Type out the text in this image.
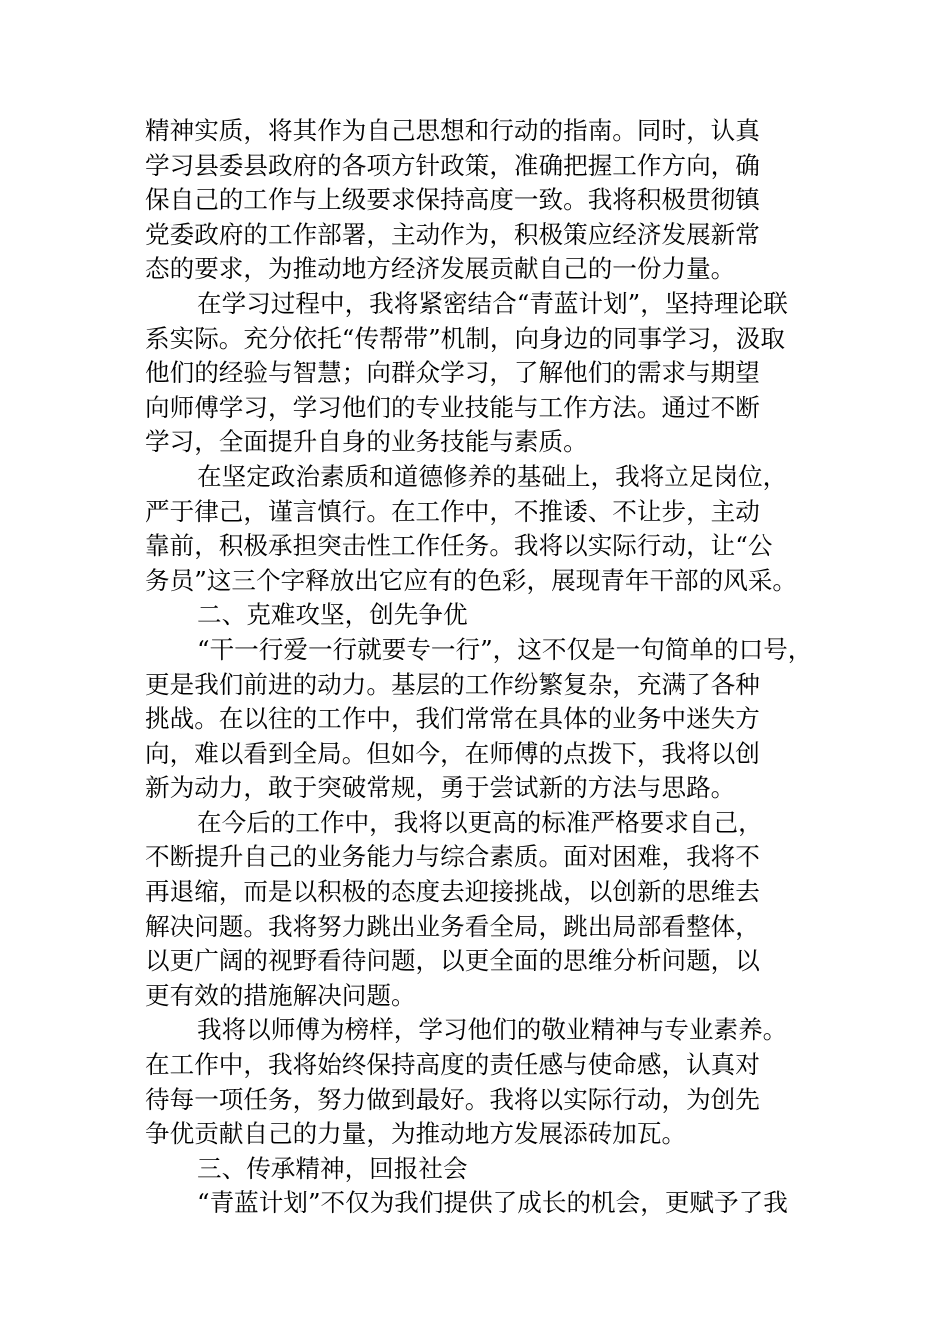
精神实质，将其作为自己思想和行动的指南。同时，认真
学习县委县政府的各项方针政策，准确把握工作方向，确
保自己的工作与上级要求保持高度一致。我将积极贯彻镇
党委政府的工作部署，主动作为，积极策应经济发展新常
态的要求，为推动地方经济发展贡献自己的一份力量。
在学习过程中，我将紧密结合“青蓝计划”，坚持理论联
系实际。充分依托“传帮带”机制，向身边的同事学习，汲取
他们的经验与智慧；向群众学习，了解他们的需求与期望
向师傅学习，学习他们的专业技能与工作方法。通过不断
学习，全面提升自身的业务技能与素质。
在坚定政治素质和道德修养的基础上，我将立足岗位，
严于律己，谨言慎行。在工作中，不推诿、不让步，主动
靠前，积极承担突击性工作任务。我将以实际行动，让“公
务员”这三个字释放出它应有的色彩，展现青年干部的风采。
二、克难攻坚，创先争优
“干一行爱一行就要专一行”，这不仅是一句简单的口号，
更是我们前进的动力。基层的工作纷繁复杂，充满了各种
挑战。在以往的工作中，我们常常在具体的业务中迷失方
向，难以看到全局。但如今，在师傅的点拨下，我将以创
新为动力，敢于突破常规，勇于尝试新的方法与思路。
在今后的工作中，我将以更高的标准严格要求自己，
不断提升自己的业务能力与综合素质。面对困难，我将不
再退缩，而是以积极的态度去迎接挑战，以创新的思维去
解决问题。我将努力跳出业务看全局，跳出局部看整体，
以更广阔的视野看待问题，以更全面的思维分析问题，以
更有效的措施解决问题。
我将以师傅为榜样，学习他们的敬业精神与专业素养。
在工作中，我将始终保持高度的责任感与使命感，认真对
待每一项任务，努力做到最好。我将以实际行动，为创先
争优贡献自己的力量，为推动地方发展添砖加瓦。
三、传承精神，回报社会
“青蓝计划”不仅为我们提供了成长的机会，更赋予了我
